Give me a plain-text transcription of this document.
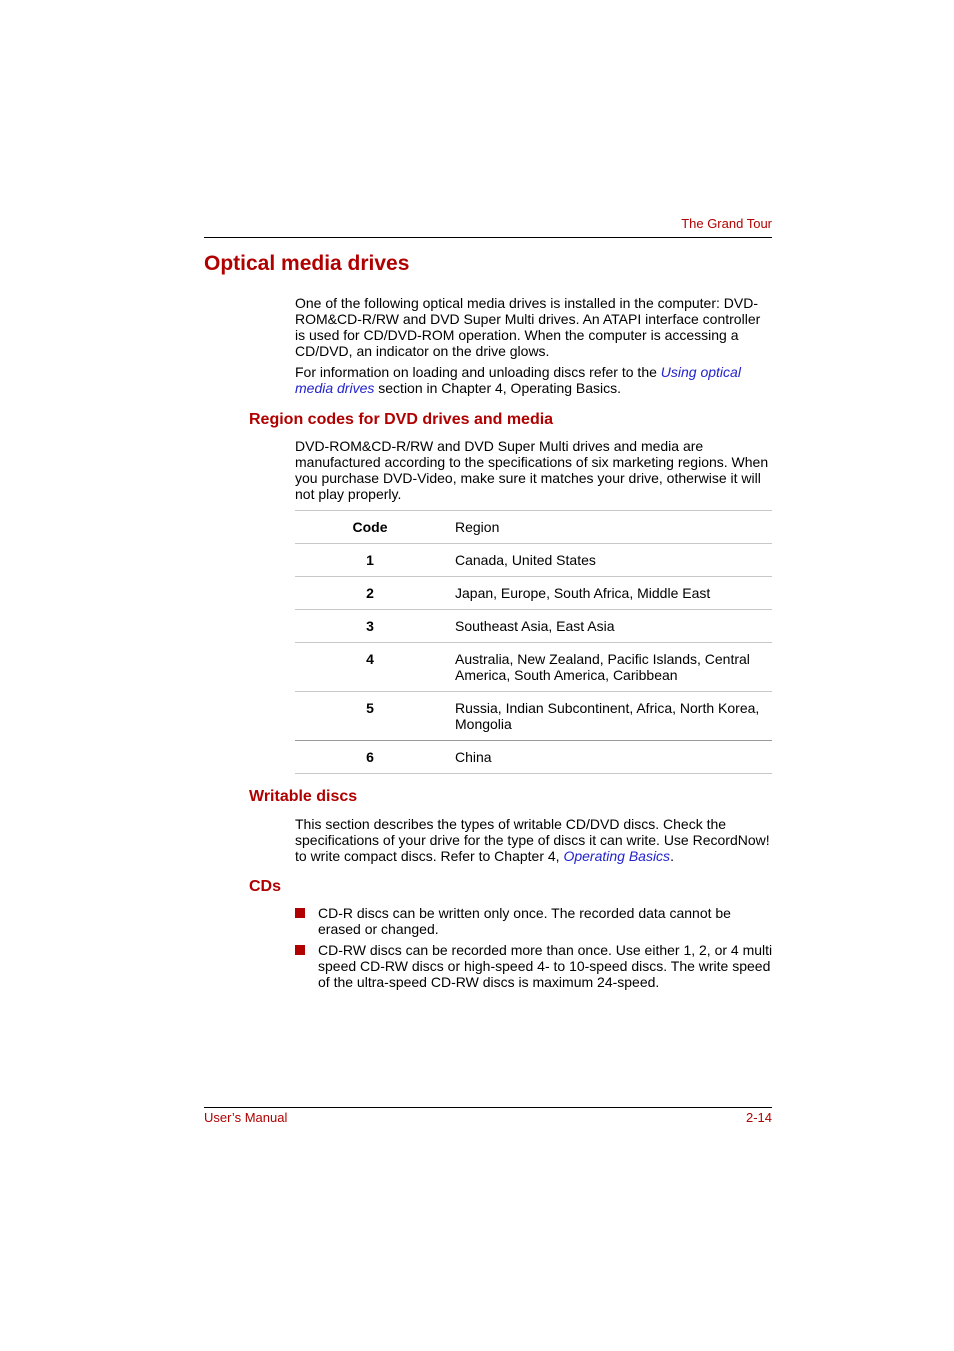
The Grand Tour
Optical media drives

One of the following optical media drives is installed in the computer: DVD-ROM&CD-R/RW and DVD Super Multi drives. An ATAPI interface controller is used for CD/DVD-ROM operation. When the computer is accessing a CD/DVD, an indicator on the drive glows.

For information on loading and unloading discs refer to the Using optical media drives section in Chapter 4, Operating Basics.

Region codes for DVD drives and media

DVD-ROM&CD-R/RW and DVD Super Multi drives and media are manufactured according to the specifications of six marketing regions. When you purchase DVD-Video, make sure it matches your drive, otherwise it will not play properly.

Code	Region
1	Canada, United States
2	Japan, Europe, South Africa, Middle East
3	Southeast Asia, East Asia
4	Australia, New Zealand, Pacific Islands, Central America, South America, Caribbean
5	Russia, Indian Subcontinent, Africa, North Korea, Mongolia
6	China
Writable discs

This section describes the types of writable CD/DVD discs. Check the specifications of your drive for the type of discs it can write. Use RecordNow! to write compact discs. Refer to Chapter 4, Operating Basics.

CDs
CD-R discs can be written only once. The recorded data cannot be erased or changed.
CD-RW discs can be recorded more than once. Use either 1, 2, or 4 multi speed CD-RW discs or high-speed 4- to 10-speed discs. The write speed of the ultra-speed CD-RW discs is maximum 24-speed.
User’s Manual	2-14
